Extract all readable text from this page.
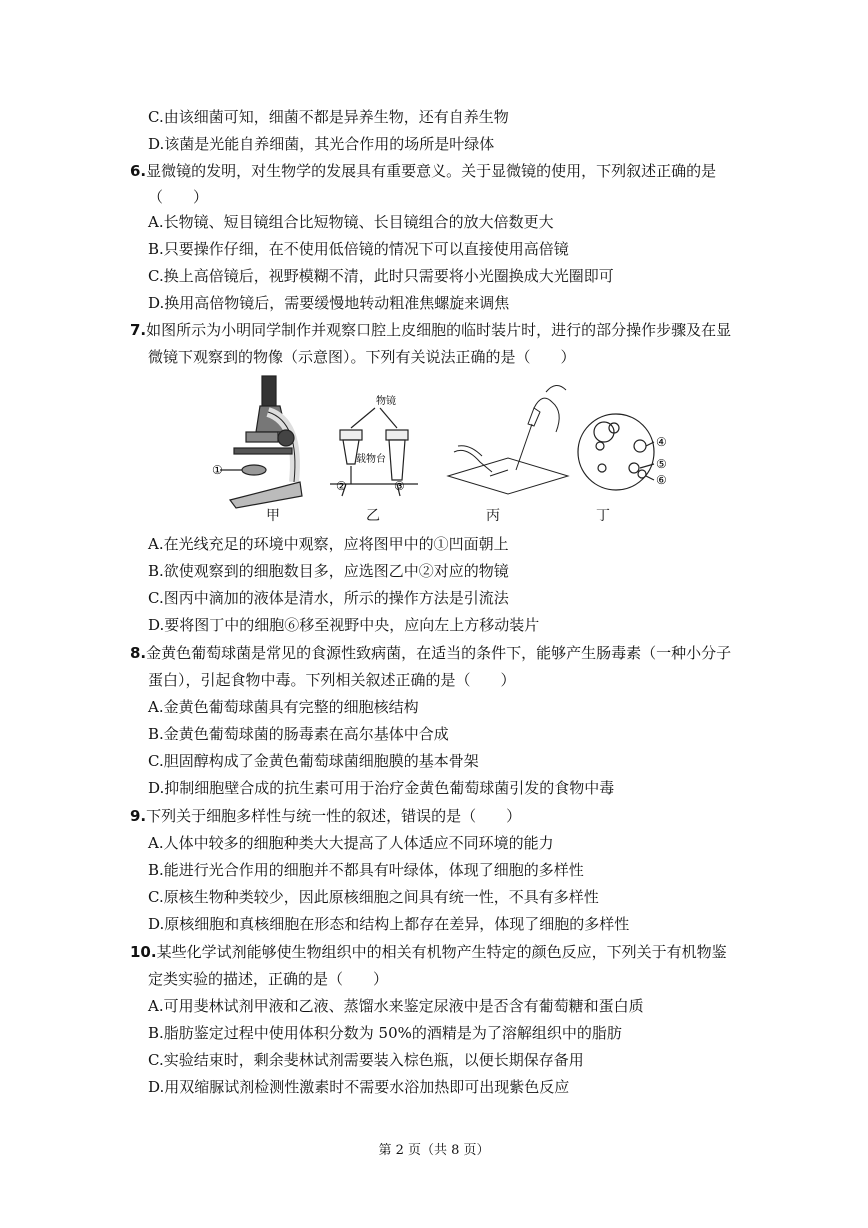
C.由该细菌可知，细菌不都是异养生物，还有自养生物
D.该菌是光能自养细菌，其光合作用的场所是叶绿体
6.显微镜的发明，对生物学的发展具有重要意义。关于显微镜的使用，下列叙述正确的是
（　　）
A.长物镜、短目镜组合比短物镜、长目镜组合的放大倍数更大
B.只要操作仔细，在不使用低倍镜的情况下可以直接使用高倍镜
C.换上高倍镜后，视野模糊不清，此时只需要将小光圈换成大光圈即可
D.换用高倍物镜后，需要缓慢地转动粗准焦螺旋来调焦
7.如图所示为小明同学制作并观察口腔上皮细胞的临时装片时，进行的部分操作步骤及在显
微镜下观察到的物像（示意图）。下列有关说法正确的是（　　）
①
物镜
载物台
②	③
④
⑤
⑥
甲	乙	丙	丁
A.在光线充足的环境中观察，应将图甲中的①凹面朝上
B.欲使观察到的细胞数目多，应选图乙中②对应的物镜
C.图丙中滴加的液体是清水，所示的操作方法是引流法
D.要将图丁中的细胞⑥移至视野中央，应向左上方移动装片
8.金黄色葡萄球菌是常见的食源性致病菌，在适当的条件下，能够产生肠毒素（一种小分子
蛋白），引起食物中毒。下列相关叙述正确的是（　　）
A.金黄色葡萄球菌具有完整的细胞核结构
B.金黄色葡萄球菌的肠毒素在高尔基体中合成
C.胆固醇构成了金黄色葡萄球菌细胞膜的基本骨架
D.抑制细胞壁合成的抗生素可用于治疗金黄色葡萄球菌引发的食物中毒
9.下列关于细胞多样性与统一性的叙述，错误的是（　　）
A.人体中较多的细胞种类大大提高了人体适应不同环境的能力
B.能进行光合作用的细胞并不都具有叶绿体，体现了细胞的多样性
C.原核生物种类较少，因此原核细胞之间具有统一性，不具有多样性
D.原核细胞和真核细胞在形态和结构上都存在差异，体现了细胞的多样性
10.某些化学试剂能够使生物组织中的相关有机物产生特定的颜色反应，下列关于有机物鉴
定类实验的描述，正确的是（　　）
A.可用斐林试剂甲液和乙液、蒸馏水来鉴定尿液中是否含有葡萄糖和蛋白质
B.脂肪鉴定过程中使用体积分数为 50%的酒精是为了溶解组织中的脂肪
C.实验结束时，剩余斐林试剂需要装入棕色瓶，以便长期保存备用
D.用双缩脲试剂检测性激素时不需要水浴加热即可出现紫色反应
第 2 页（共 8 页）
